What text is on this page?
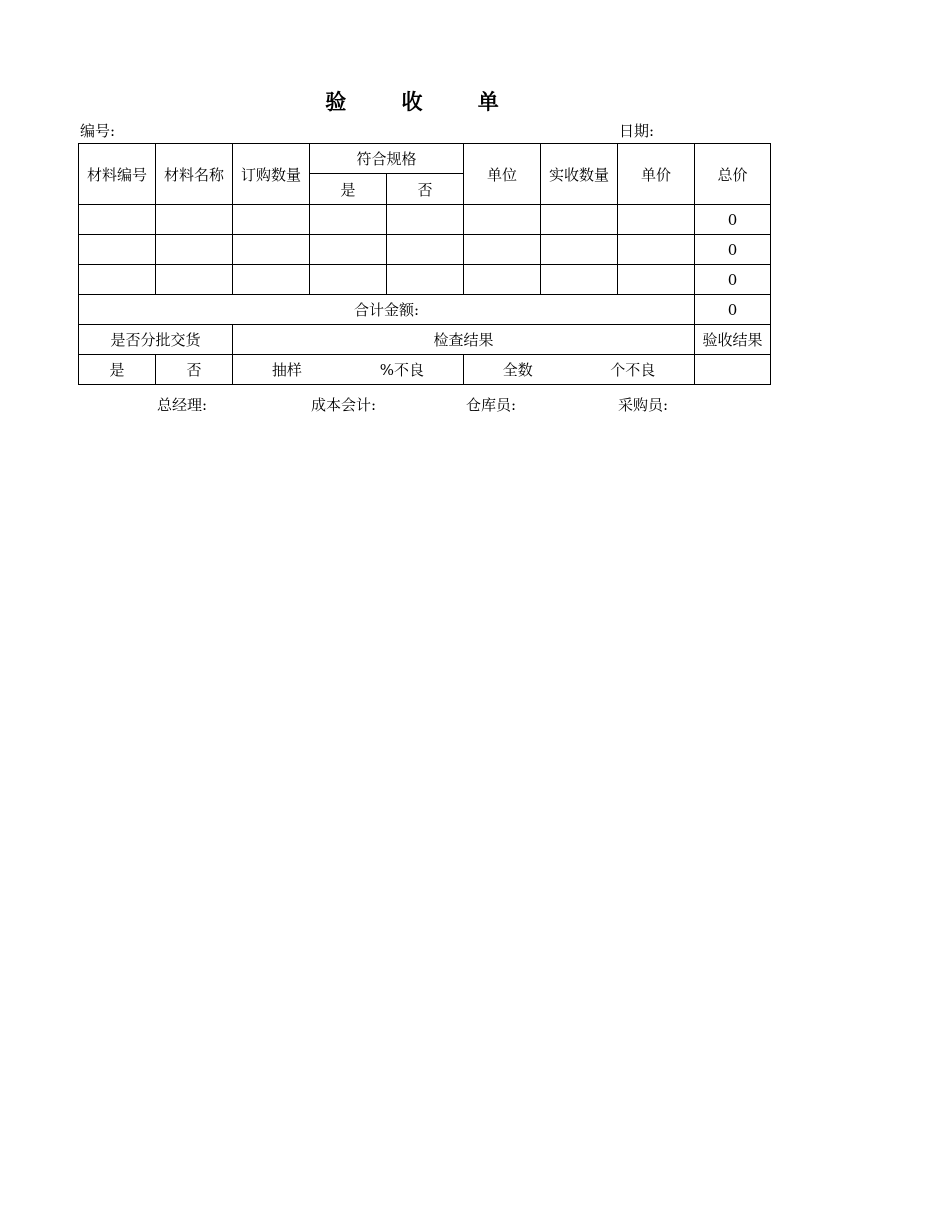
验 收 单
编号:	日期:
材料编号	材料名称	订购数量	符合规格		单位	实收数量	单价	总价
			是	否				
								0
								0
								0
合计金额:								0
是否分批交货		检查结果						验收结果
是	否	抽样 %不良			全数 个不良			

总经理:	成本会计:	仓库员:	采购员:
